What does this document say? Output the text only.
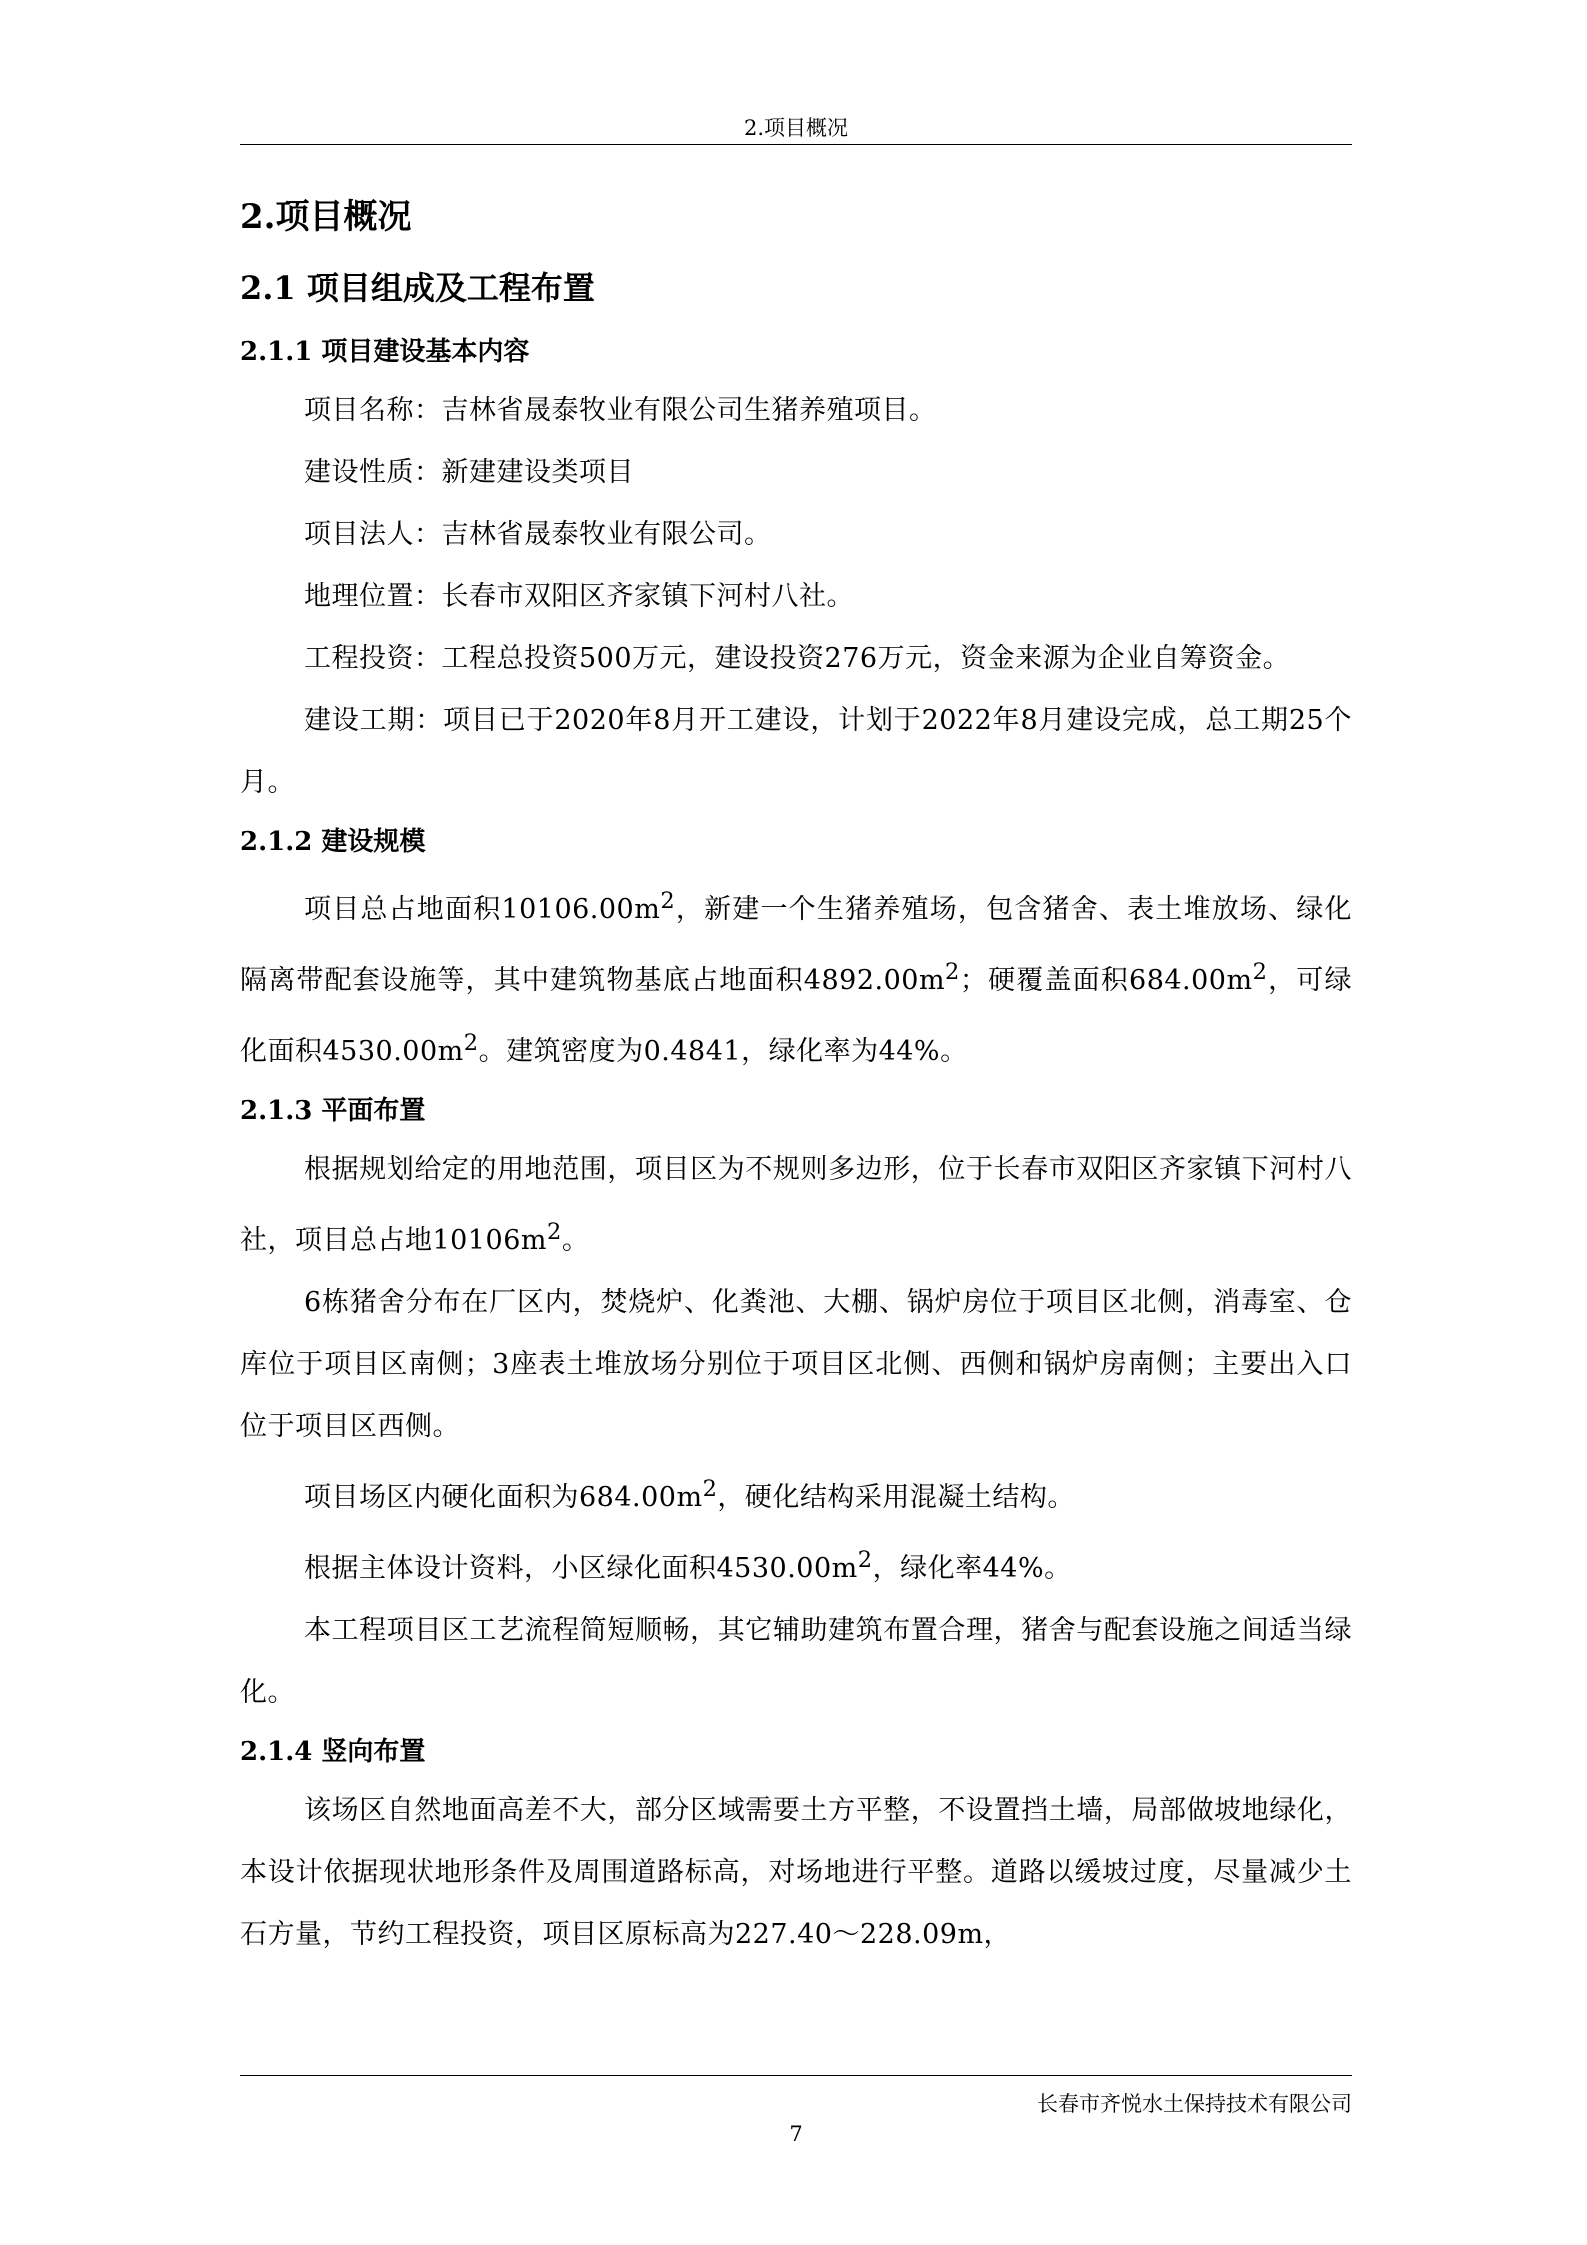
2.项目概况
2.项目概况
2.1 项目组成及工程布置
2.1.1 项目建设基本内容

项目名称：吉林省晟泰牧业有限公司生猪养殖项目。

建设性质：新建建设类项目

项目法人：吉林省晟泰牧业有限公司。

地理位置：长春市双阳区齐家镇下河村八社。

工程投资：工程总投资500万元，建设投资276万元，资金来源为企业自筹资金。

建设工期：项目已于2020年8月开工建设，计划于2022年8月建设完成，总工期25个月。

2.1.2 建设规模

项目总占地面积$10106.00m^2$，新建一个生猪养殖场，包含猪舍、表土堆放场、绿化隔离带配套设施等，其中建筑物基底占地面积$4892.00m^2$；硬覆盖面积$684.00m^2$，可绿化面积$4530.00m^2$。建筑密度为0.4841，绿化率为44%。

2.1.3 平面布置

根据规划给定的用地范围，项目区为不规则多边形，位于长春市双阳区齐家镇下河村八社，项目总占地$10106m^2$。

6栋猪舍分布在厂区内，焚烧炉、化粪池、大棚、锅炉房位于项目区北侧，消毒室、仓库位于项目区南侧；3座表土堆放场分别位于项目区北侧、西侧和锅炉房南侧；主要出入口位于项目区西侧。

项目场区内硬化面积为$684.00m^2$，硬化结构采用混凝土结构。

根据主体设计资料，小区绿化面积$4530.00m^2$，绿化率44%。

本工程项目区工艺流程简短顺畅，其它辅助建筑布置合理，猪舍与配套设施之间适当绿化。

2.1.4 竖向布置

该场区自然地面高差不大，部分区域需要土方平整，不设置挡土墙，局部做坡地绿化，本设计依据现状地形条件及周围道路标高，对场地进行平整。道路以缓坡过度，尽量减少土石方量，节约工程投资，项目区原标高为227.40～228.09m，

长春市齐悦水土保持技术有限公司
7
